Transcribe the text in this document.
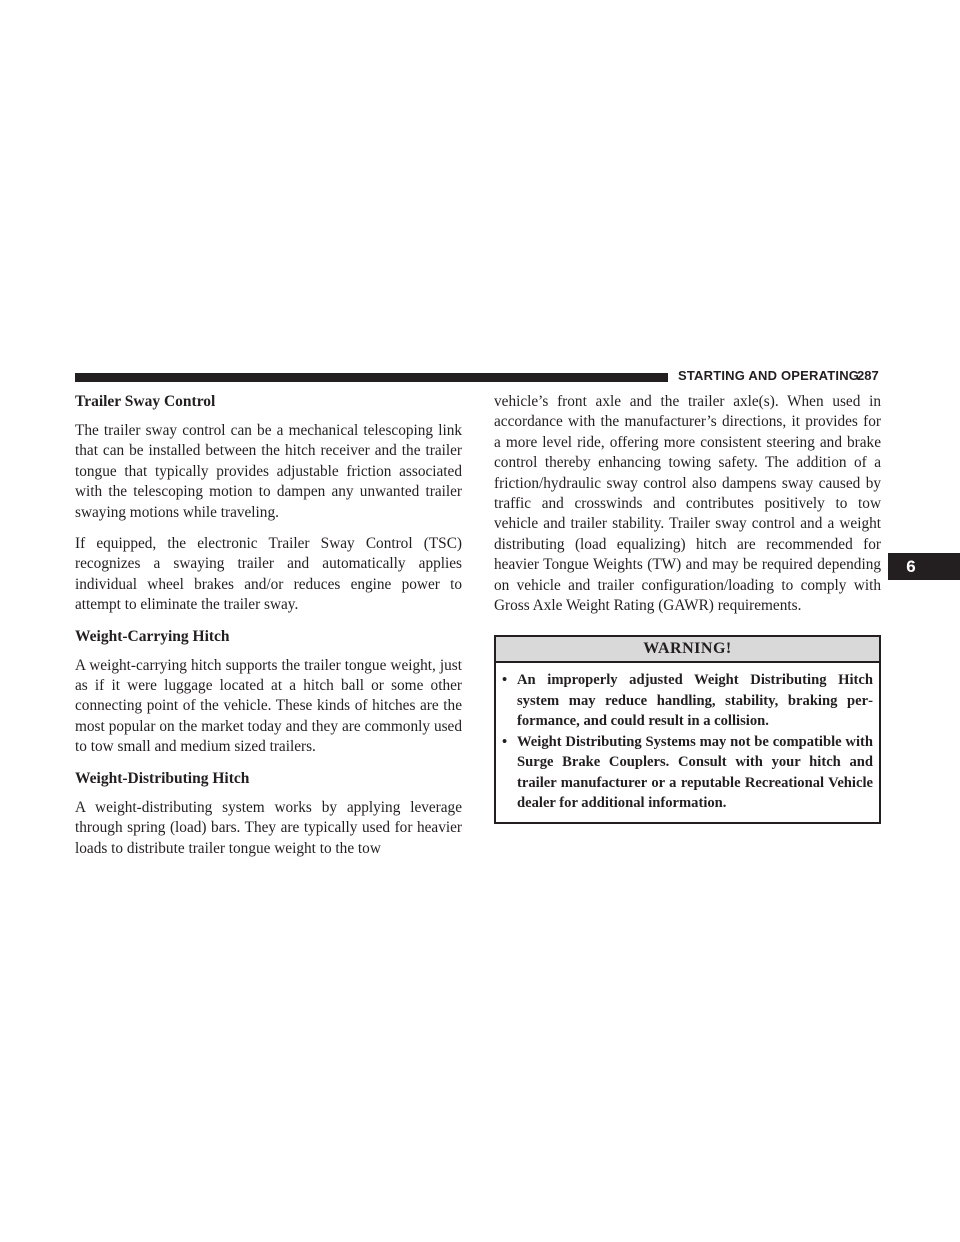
STARTING AND OPERATING
287
6
Trailer Sway Control

The trailer sway control can be a mechanical telescoping link that can be installed between the hitch receiver and the trailer tongue that typically provides adjustable friction associated with the telescoping motion to dampen any unwanted trailer swaying motions while traveling.

If equipped, the electronic Trailer Sway Control (TSC) recognizes a swaying trailer and automatically applies individual wheel brakes and/or reduces engine power to attempt to eliminate the trailer sway.

Weight-Carrying Hitch

A weight-carrying hitch supports the trailer tongue weight, just as if it were luggage located at a hitch ball or some other connecting point of the vehicle. These kinds of hitches are the most popular on the market today and they are commonly used to tow small and medium sized trailers.

Weight-Distributing Hitch

A weight-distributing system works by applying leverage through spring (load) bars. They are typically used for heavier loads to distribute trailer tongue weight to the tow

vehicle’s front axle and the trailer axle(s). When used in accordance with the manufacturer’s directions, it provides for a more level ride, offering more consistent steering and brake control thereby enhancing towing safety. The addition of a friction/hydraulic sway control also dampens sway caused by traffic and crosswinds and contributes positively to tow vehicle and trailer stability. Trailer sway control and a weight distributing (load equalizing) hitch are recommended for heavier Tongue Weights (TW) and may be required depending on vehicle and trailer configuration/loading to comply with Gross Axle Weight Rating (GAWR) requirements.

WARNING!
• An improperly adjusted Weight Distributing Hitch system may reduce handling, stability, braking performance, and could result in a collision.
• Weight Distributing Systems may not be compatible with Surge Brake Couplers. Consult with your hitch and trailer manufacturer or a reputable Recreational Vehicle dealer for additional information.
